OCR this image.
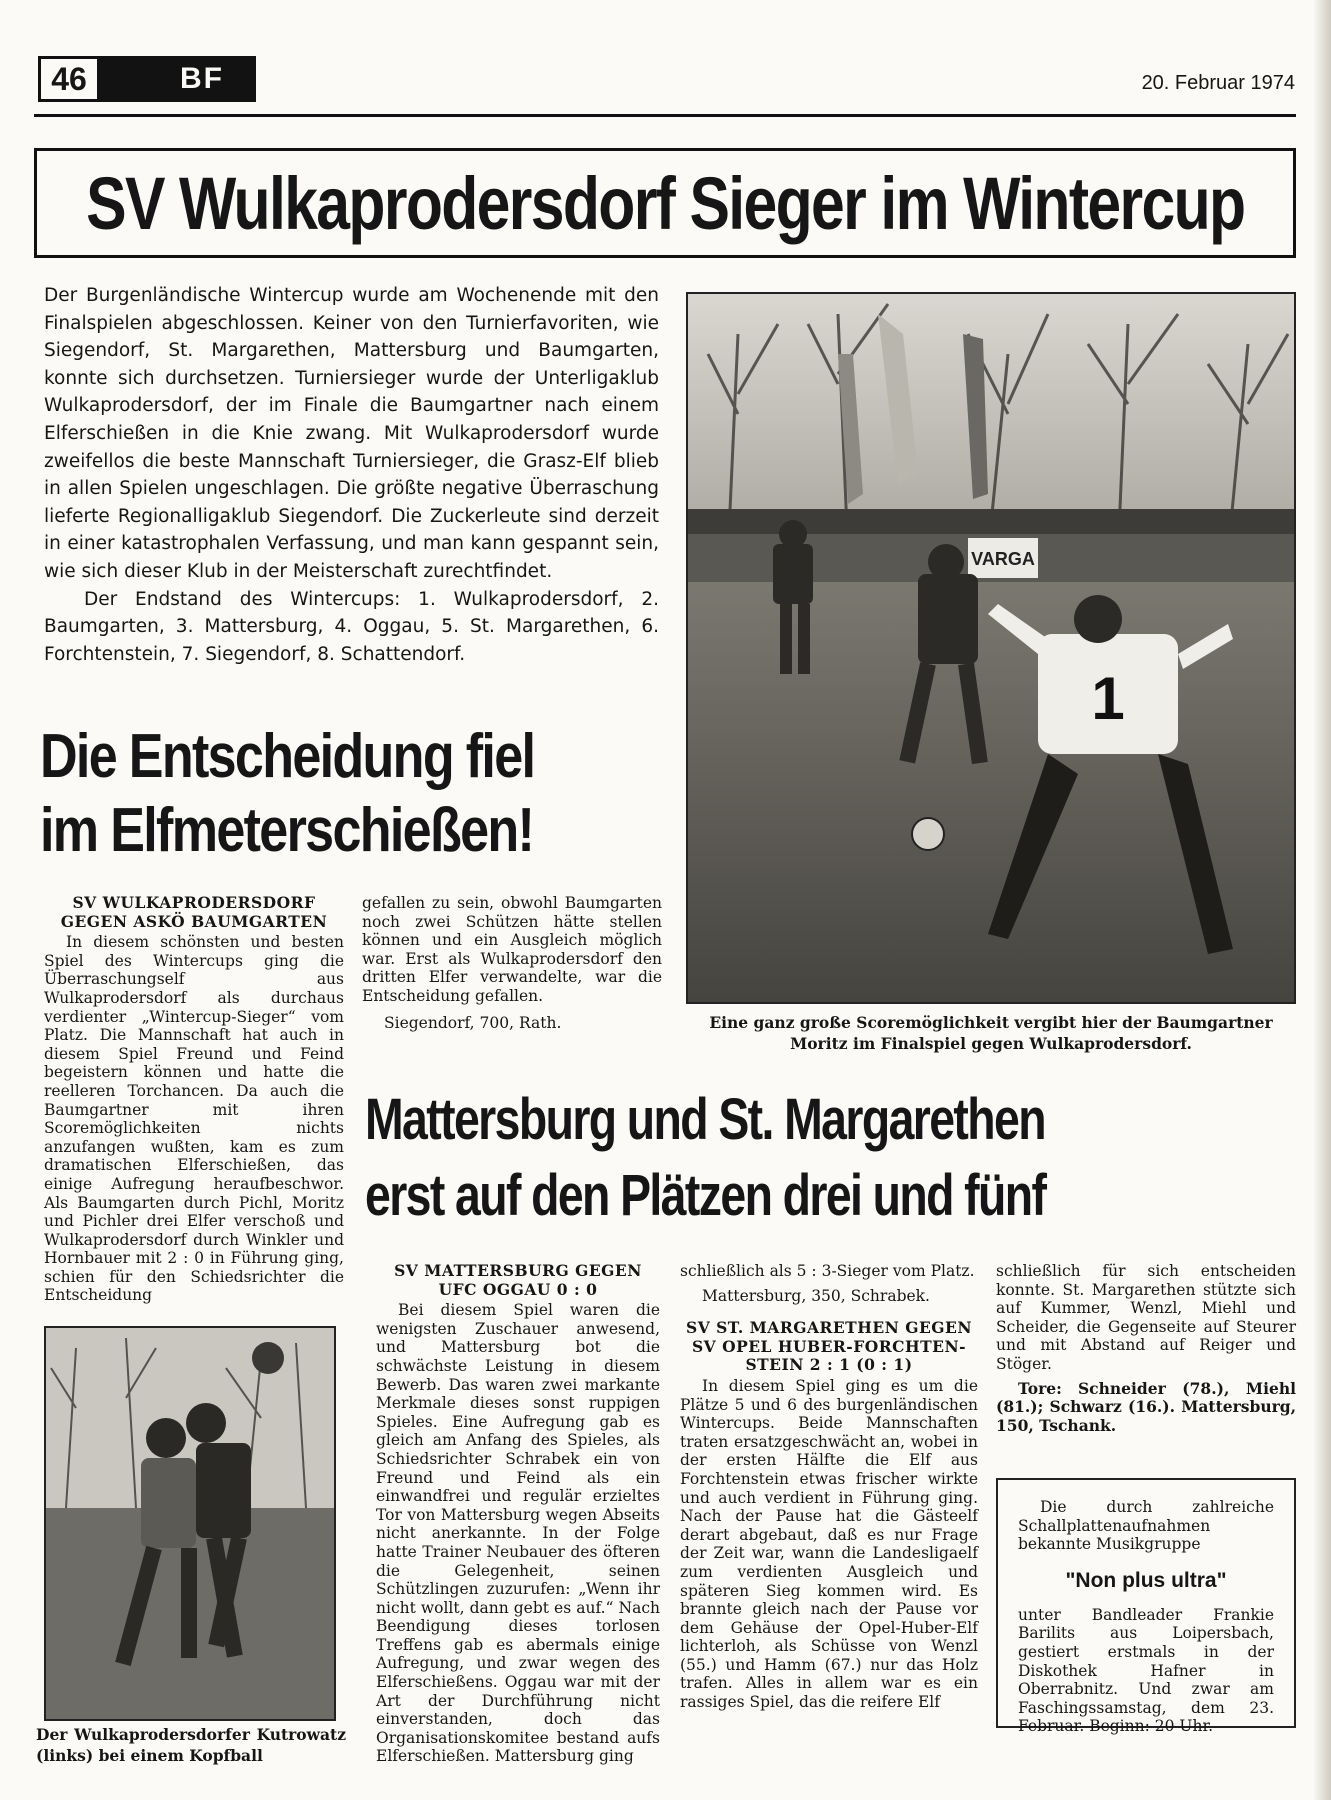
46	BF	20. Februar 1974
SV Wulkaprodersdorf Sieger im Wintercup

Der Burgenländische Wintercup wurde am Wochenende mit den Finalspielen abgeschlossen. Keiner von den Turnierfavoriten, wie Siegendorf, St. Margarethen, Mattersburg und Baumgarten, konnte sich durchsetzen. Turniersieger wurde der Unterligaklub Wulkaprodersdorf, der im Finale die Baumgartner nach einem Elferschießen in die Knie zwang. Mit Wulkaprodersdorf wurde zweifellos die beste Mannschaft Turniersieger, die Grasz-Elf blieb in allen Spielen ungeschlagen. Die größte negative Überraschung lieferte Regionalligaklub Siegendorf. Die Zuckerleute sind derzeit in einer katastrophalen Verfassung, und man kann gespannt sein, wie sich dieser Klub in der Meisterschaft zurechtfindet.

Der Endstand des Wintercups: 1. Wulkaprodersdorf, 2. Baumgarten, 3. Mattersburg, 4. Oggau, 5. St. Margarethen, 6. Forchtenstein, 7. Siegendorf, 8. Schattendorf.

VARGA
1
Eine ganz große Scoremöglichkeit vergibt hier der Baumgartner Moritz im Finalspiel gegen Wulkaprodersdorf.
Die Entscheidung fiel
im Elfmeterschießen!
SV WULKAPRODERSDORF
GEGEN ASKÖ BAUMGARTEN

In diesem schönsten und besten Spiel des Wintercups ging die Überraschungself aus Wulkaprodersdorf als durchaus verdienter „Wintercup-Sieger“ vom Platz. Die Mannschaft hat auch in diesem Spiel Freund und Feind begeistern können und hatte die reelleren Torchancen. Da auch die Baumgartner mit ihren Scoremöglichkeiten nichts anzufangen wußten, kam es zum dramatischen Elferschießen, das einige Aufregung heraufbeschwor. Als Baumgarten durch Pichl, Moritz und Pichler drei Elfer verschoß und Wulkaprodersdorf durch Winkler und Hornbauer mit 2 : 0 in Führung ging, schien für den Schiedsrichter die Entscheidung

gefallen zu sein, obwohl Baumgarten noch zwei Schützen hätte stellen können und ein Ausgleich möglich war. Erst als Wulkaprodersdorf den dritten Elfer verwandelte, war die Entscheidung gefallen.

Siegendorf, 700, Rath.

Mattersburg und St. Margarethen
erst auf den Plätzen drei und fünf
Der Wulkaprodersdorfer Kutrowatz (links) bei einem Kopfball
SV MATTERSBURG GEGEN
UFC OGGAU 0 : 0

Bei diesem Spiel waren die wenigsten Zuschauer anwesend, und Mattersburg bot die schwächste Leistung in diesem Bewerb. Das waren zwei markante Merkmale dieses sonst ruppigen Spieles. Eine Aufregung gab es gleich am Anfang des Spieles, als Schiedsrichter Schrabek ein von Freund und Feind als ein einwandfrei und regulär erzieltes Tor von Mattersburg wegen Abseits nicht anerkannte. In der Folge hatte Trainer Neubauer des öfteren die Gelegenheit, seinen Schützlingen zuzurufen: „Wenn ihr nicht wollt, dann gebt es auf.“ Nach Beendigung dieses torlosen Treffens gab es abermals einige Aufregung, und zwar wegen des Elferschießens. Oggau war mit der Art der Durchführung nicht einverstanden, doch das Organisationskomitee bestand aufs Elferschießen. Mattersburg ging

schließlich als 5 : 3-Sieger vom Platz.

Mattersburg, 350, Schrabek.

SV ST. MARGARETHEN GEGEN
SV OPEL HUBER-FORCHTEN-
STEIN 2 : 1 (0 : 1)

In diesem Spiel ging es um die Plätze 5 und 6 des burgenländischen Wintercups. Beide Mannschaften traten ersatzgeschwächt an, wobei in der ersten Hälfte die Elf aus Forchtenstein etwas frischer wirkte und auch verdient in Führung ging. Nach der Pause hat die Gästeelf derart abgebaut, daß es nur Frage der Zeit war, wann die Landesligaelf zum verdienten Ausgleich und späteren Sieg kommen wird. Es brannte gleich nach der Pause vor dem Gehäuse der Opel-Huber-Elf lichterloh, als Schüsse von Wenzl (55.) und Hamm (67.) nur das Holz trafen. Alles in allem war es ein rassiges Spiel, das die reifere Elf

schließlich für sich entscheiden konnte. St. Margarethen stützte sich auf Kummer, Wenzl, Miehl und Scheider, die Gegenseite auf Steurer und mit Abstand auf Reiger und Stöger.

Tore: Schneider (78.), Miehl (81.); Schwarz (16.). Mattersburg, 150, Tschank.

Die durch zahlreiche Schallplattenaufnahmen bekannte Musikgruppe

"Non plus ultra"

unter Bandleader Frankie Barilits aus Loipersbach, gestiert erstmals in der Diskothek Hafner in Oberrabnitz. Und zwar am Faschingssamstag, dem 23. Februar. Beginn: 20 Uhr.
